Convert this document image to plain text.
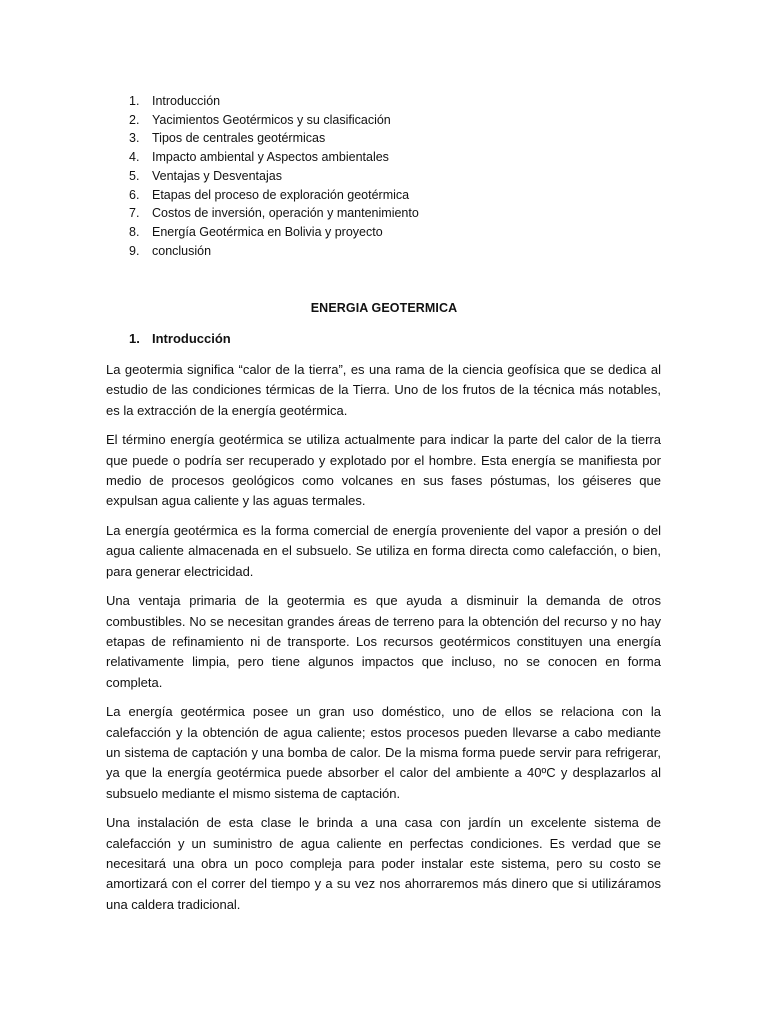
1.	Introducción
2.	Yacimientos Geotérmicos y su clasificación
3.	Tipos de centrales geotérmicas
4.	Impacto ambiental y Aspectos ambientales
5.	Ventajas y Desventajas
6.	Etapas del proceso de exploración geotérmica
7.	Costos de inversión, operación y mantenimiento
8.	Energía Geotérmica en Bolivia y proyecto
9.	conclusión
ENERGIA GEOTERMICA
1. Introducción

La geotermia significa “calor de la tierra”, es una rama de la ciencia geofísica que se dedica al estudio de las condiciones térmicas de la Tierra. Uno de los frutos de la técnica más notables, es la extracción de la energía geotérmica.

El término energía geotérmica se utiliza actualmente para indicar la parte del calor de la tierra que puede o podría ser recuperado y explotado por el hombre. Esta energía se manifiesta por medio de procesos geológicos como volcanes en sus fases póstumas, los géiseres que expulsan agua caliente y las aguas termales.

La energía geotérmica es la forma comercial de energía proveniente del vapor a presión o del agua caliente almacenada en el subsuelo. Se utiliza en forma directa como calefacción, o bien, para generar electricidad.

Una ventaja primaria de la geotermia es que ayuda a disminuir la demanda de otros combustibles. No se necesitan grandes áreas de terreno para la obtención del recurso y no hay etapas de refinamiento ni de transporte. Los recursos geotérmicos constituyen una energía relativamente limpia, pero tiene algunos impactos que incluso, no se conocen en forma completa.

La energía geotérmica posee un gran uso doméstico, uno de ellos se relaciona con la calefacción y la obtención de agua caliente; estos procesos pueden llevarse a cabo mediante un sistema de captación y una bomba de calor. De la misma forma puede servir para refrigerar, ya que la energía geotérmica puede absorber el calor del ambiente a 40ºC y desplazarlos al subsuelo mediante el mismo sistema de captación.

Una instalación de esta clase le brinda a una casa con jardín un excelente sistema de calefacción y un suministro de agua caliente en perfectas condiciones. Es verdad que se necesitará una obra un poco compleja para poder instalar este sistema, pero su costo se amortizará con el correr del tiempo y a su vez nos ahorraremos más dinero que si utilizáramos una caldera tradicional.
